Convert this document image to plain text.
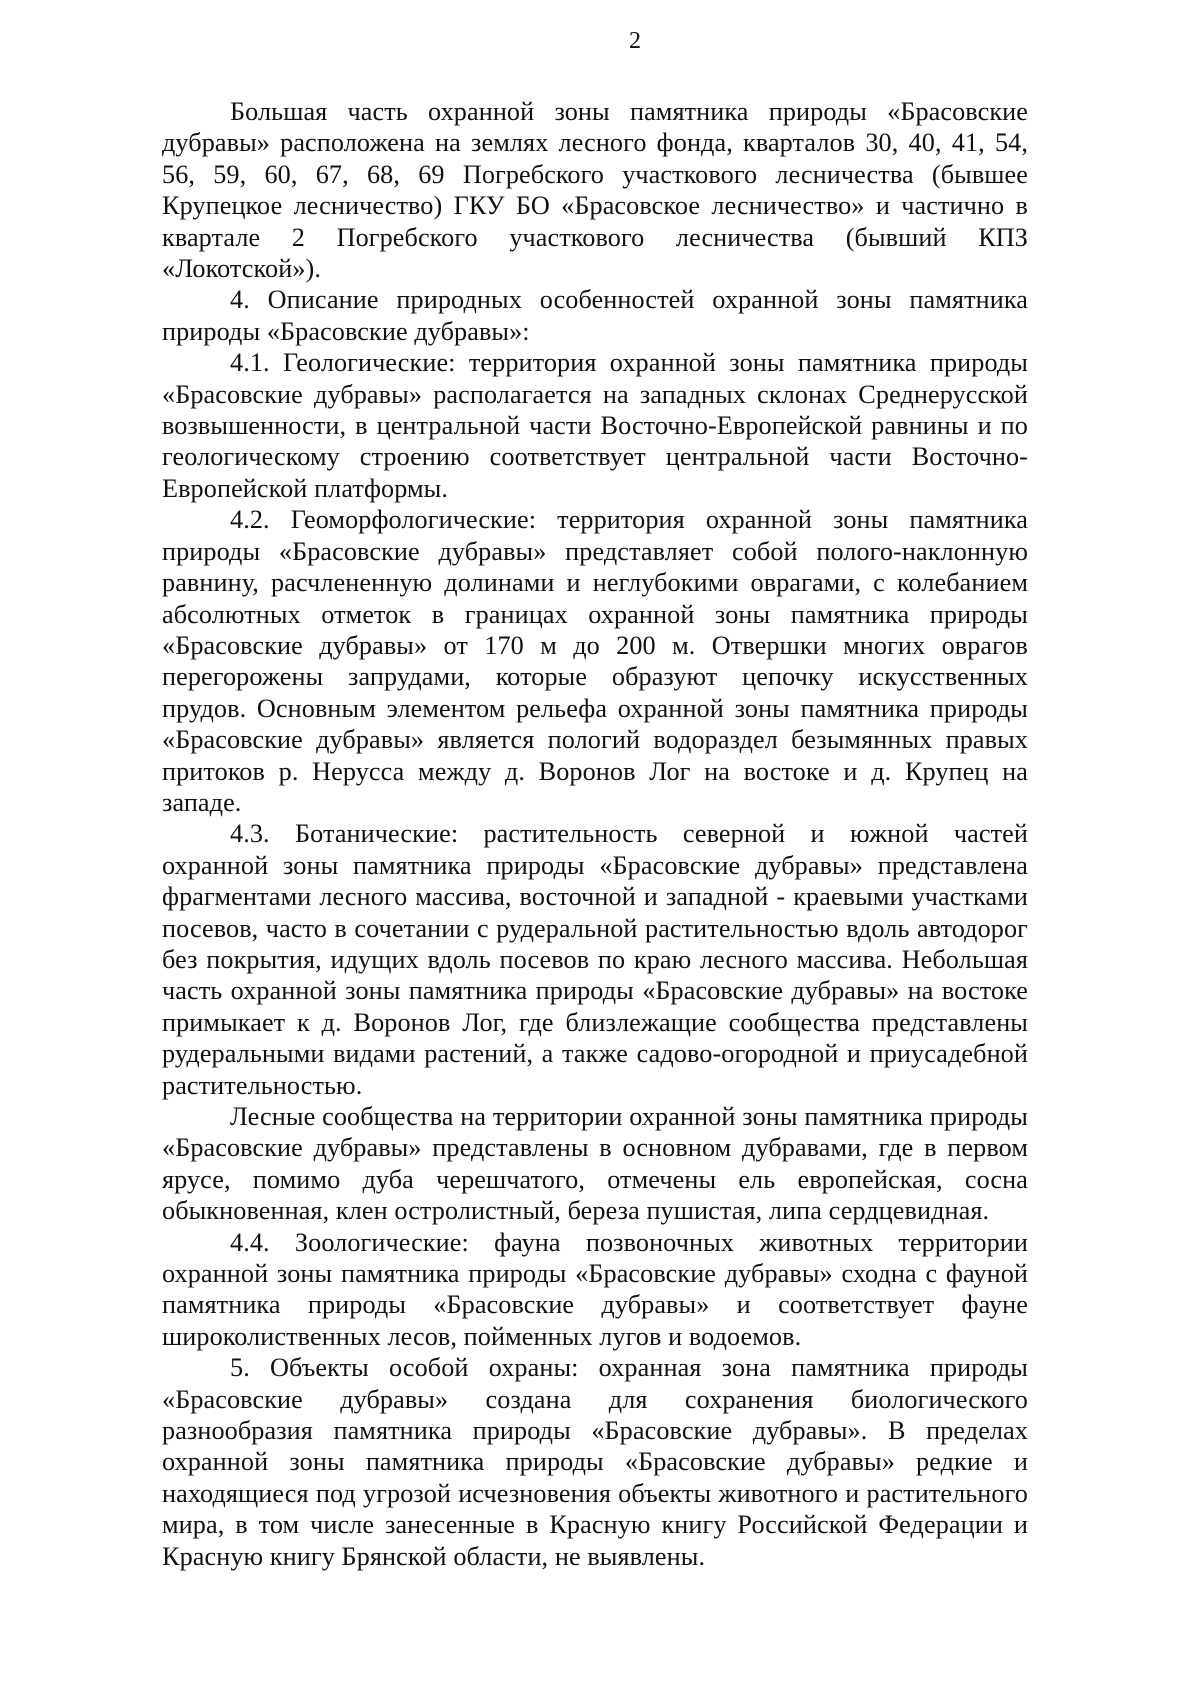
2

Большая часть охранной зоны памятника природы «Брасовские дубравы» расположена на землях лесного фонда, кварталов 30, 40, 41, 54, 56, 59, 60, 67, 68, 69 Погребского участкового лесничества (бывшее Крупецкое лесничество) ГКУ БО «Брасовское лесничество» и частично в квартале 2 Погребского участкового лесничества (бывший КПЗ «Локотской»).

4. Описание природных особенностей охранной зоны памятника природы «Брасовские дубравы»:

4.1. Геологические: территория охранной зоны памятника природы «Брасовские дубравы» располагается на западных склонах Среднерусской возвышенности, в центральной части Восточно-Европейской равнины и по геологическому строению соответствует центральной части Восточно-Европейской платформы.

4.2. Геоморфологические: территория охранной зоны памятника природы «Брасовские дубравы» представляет собой полого-наклонную равнину, расчлененную долинами и неглубокими оврагами, с колебанием абсолютных отметок в границах охранной зоны памятника природы «Брасовские дубравы» от 170 м до 200 м. Отвершки многих оврагов перегорожены запрудами, которые образуют цепочку искусственных прудов. Основным элементом рельефа охранной зоны памятника природы «Брасовские дубравы» является пологий водораздел безымянных правых притоков р. Нерусса между д. Воронов Лог на востоке и д. Крупец на западе.

4.3. Ботанические: растительность северной и южной частей охранной зоны памятника природы «Брасовские дубравы» представлена фрагментами лесного массива, восточной и западной - краевыми участками посевов, часто в сочетании с рудеральной растительностью вдоль автодорог без покрытия, идущих вдоль посевов по краю лесного массива. Небольшая часть охранной зоны памятника природы «Брасовские дубравы» на востоке примыкает к д. Воронов Лог, где близлежащие сообщества представлены рудеральными видами растений, а также садово-огородной и приусадебной растительностью.

Лесные сообщества на территории охранной зоны памятника природы «Брасовские дубравы» представлены в основном дубравами, где в первом ярусе, помимо дуба черешчатого, отмечены ель европейская, сосна обыкновенная, клен остролистный, береза пушистая, липа сердцевидная.

4.4. Зоологические: фауна позвоночных животных территории охранной зоны памятника природы «Брасовские дубравы» сходна с фауной памятника природы «Брасовские дубравы» и соответствует фауне широколиственных лесов, пойменных лугов и водоемов.

5. Объекты особой охраны: охранная зона памятника природы «Брасовские дубравы» создана для сохранения биологического разнообразия памятника природы «Брасовские дубравы». В пределах охранной зоны памятника природы «Брасовские дубравы» редкие и находящиеся под угрозой исчезновения объекты животного и растительного мира, в том числе занесенные в Красную книгу Российской Федерации и Красную книгу Брянской области, не выявлены.
